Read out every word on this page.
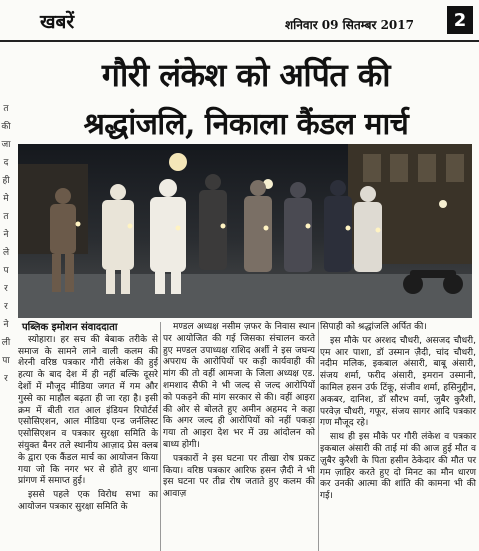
खबरें	शनिवार 09 सितम्बर 2017	2
त
की
जा
द
ही
मे
त
ने
ले
प
र
र
ने
ली
पा
र
गौरी लंकेश को अर्पित की
श्रद्धांजलि, निकाला कैंडल मार्च
पब्लिक इमोशन संवाददाता

स्योहारा। हर सच की बेबाक तरीके से समाज के सामने लाने वाली कलम की शेरनी वरिष्ठ पत्रकार गौरी लंकेश की हुई हत्या के बाद देश में ही नहीं बल्कि दूसरे देशों में मौजूद मीडिया जगत में गम और गुस्से का माहौल बढ़ता ही जा रहा है। इसी क्रम में बीती रात आल इंडियन रिपोर्टर्स एसोसिएशन, आल मीडिया एन्ड जर्नलिस्ट एसोसिएशन व पत्रकार सुरक्षा समिति के संयुक्त बैनर तले स्थानीय आज़ाद प्रेस क्लब के द्वारा एक कैंडल मार्च का आयोजन किया गया जो कि नगर भर से होते हुए थाना प्रांगण में समाप्त हुई।

इससे पहले एक विरोध सभा का आयोजन पत्रकार सुरक्षा समिति के

मण्डल अध्यक्ष नसीम ज़फर के निवास स्थान पर आयोजित की गई जिसका संचालन करते हुए मण्डल उपाध्यक्ष राशिद अर्शी ने इस जघन्य अपराध के आरोपियों पर कड़ी कार्यवाही की मांग की तो वहीं आमजा के जिला अध्यक्ष एड. शमशाद सैफी ने भी जल्द से जल्द आरोपियों को पकड़ने की मांग सरकार से की। वहीं आइरा की ओर से बोलते हुए अमीन अहमद ने कहा कि अगर जल्द ही आरोपियों को नहीं पकड़ा गया तो आइरा देश भर में उग्र आंदोलन को बाध्य होगी।

पत्रकारों ने इस घटना पर तीखा रोष प्रकट किया। वरिष्ठ पत्रकार आरिफ हसन ज़ैदी ने भी इस घटना पर तीव्र रोष जताते हुए कलम की आवाज़

सिपाही को श्रद्धांजलि अर्पित की।

इस मौके पर अरशद चौधरी, असजद चौधरी, एम आर पाशा, डॉ उस्मान ज़ैदी, चांद चौधरी, नदीम मलिक, इकबाल अंसारी, बाबू अंसारी, संजय शर्मा, फरीद अंसारी, इमरान उस्मानी, कामिल हसन उर्फ टिंकू, संजीव शर्मा, हसिनुद्दीन, अकबर, दानिश, डॉ सौरभ वर्मा, जुबैर कुरैशी, परवेज़ चौधरी, गफूर, संजय सागर आदि पत्रकार गण मौजूद रहे।

साथ ही इस मौके पर गौरी लंकेश व पत्रकार इकबाल अंसारी की ताई मां की आज हुई मौत व ज़ुबैर कुरैशी के पिता हसीन ठेकेदार की मौत पर गम ज़ाहिर करते हुए दो मिनट का मौन धारण कर उनकी आत्मा की शांति की कामना भी की गई।
